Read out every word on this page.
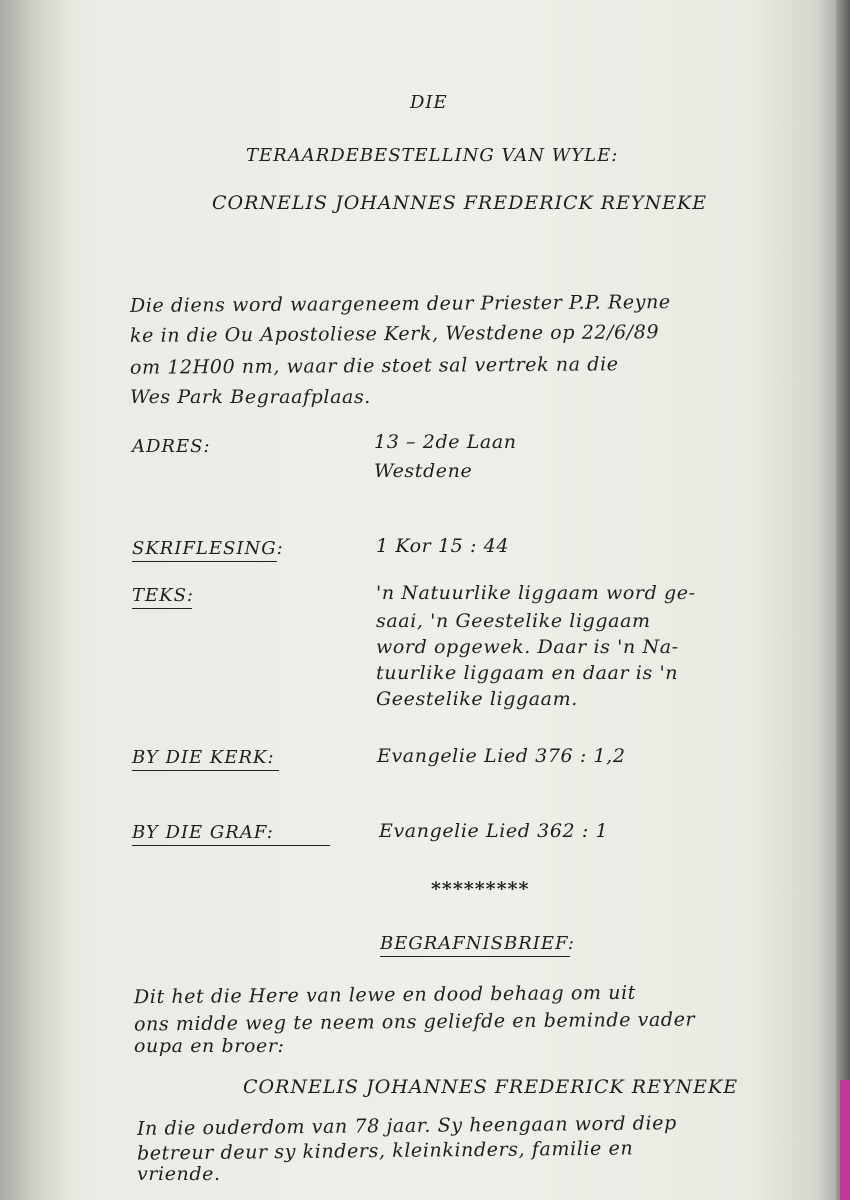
DIE
TERAARDEBESTELLING VAN WYLE:
CORNELIS JOHANNES FREDERICK REYNEKE
Die diens word waargeneem deur Priester P.P. Reyne
ke in die Ou Apostoliese Kerk, Westdene op 22/6/89
om 12H00 nm, waar die stoet sal vertrek na die
Wes Park Begraafplaas.
ADRES:	13 – 2de Laan
Westdene
SKRIFLESING:	1 Kor 15 : 44
TEKS:	'n Natuurlike liggaam word ge-
saai, 'n Geestelike liggaam
word opgewek. Daar is 'n Na-
tuurlike liggaam en daar is 'n
Geestelike liggaam.
BY DIE KERK:	Evangelie Lied 376 : 1,2
BY DIE GRAF:	Evangelie Lied 362 : 1
*********
BEGRAFNISBRIEF:
Dit het die Here van lewe en dood behaag om uit
ons midde weg te neem ons geliefde en beminde vader
oupa en broer:
CORNELIS JOHANNES FREDERICK REYNEKE
In die ouderdom van 78 jaar. Sy heengaan word diep
betreur deur sy kinders, kleinkinders, familie en
vriende.
